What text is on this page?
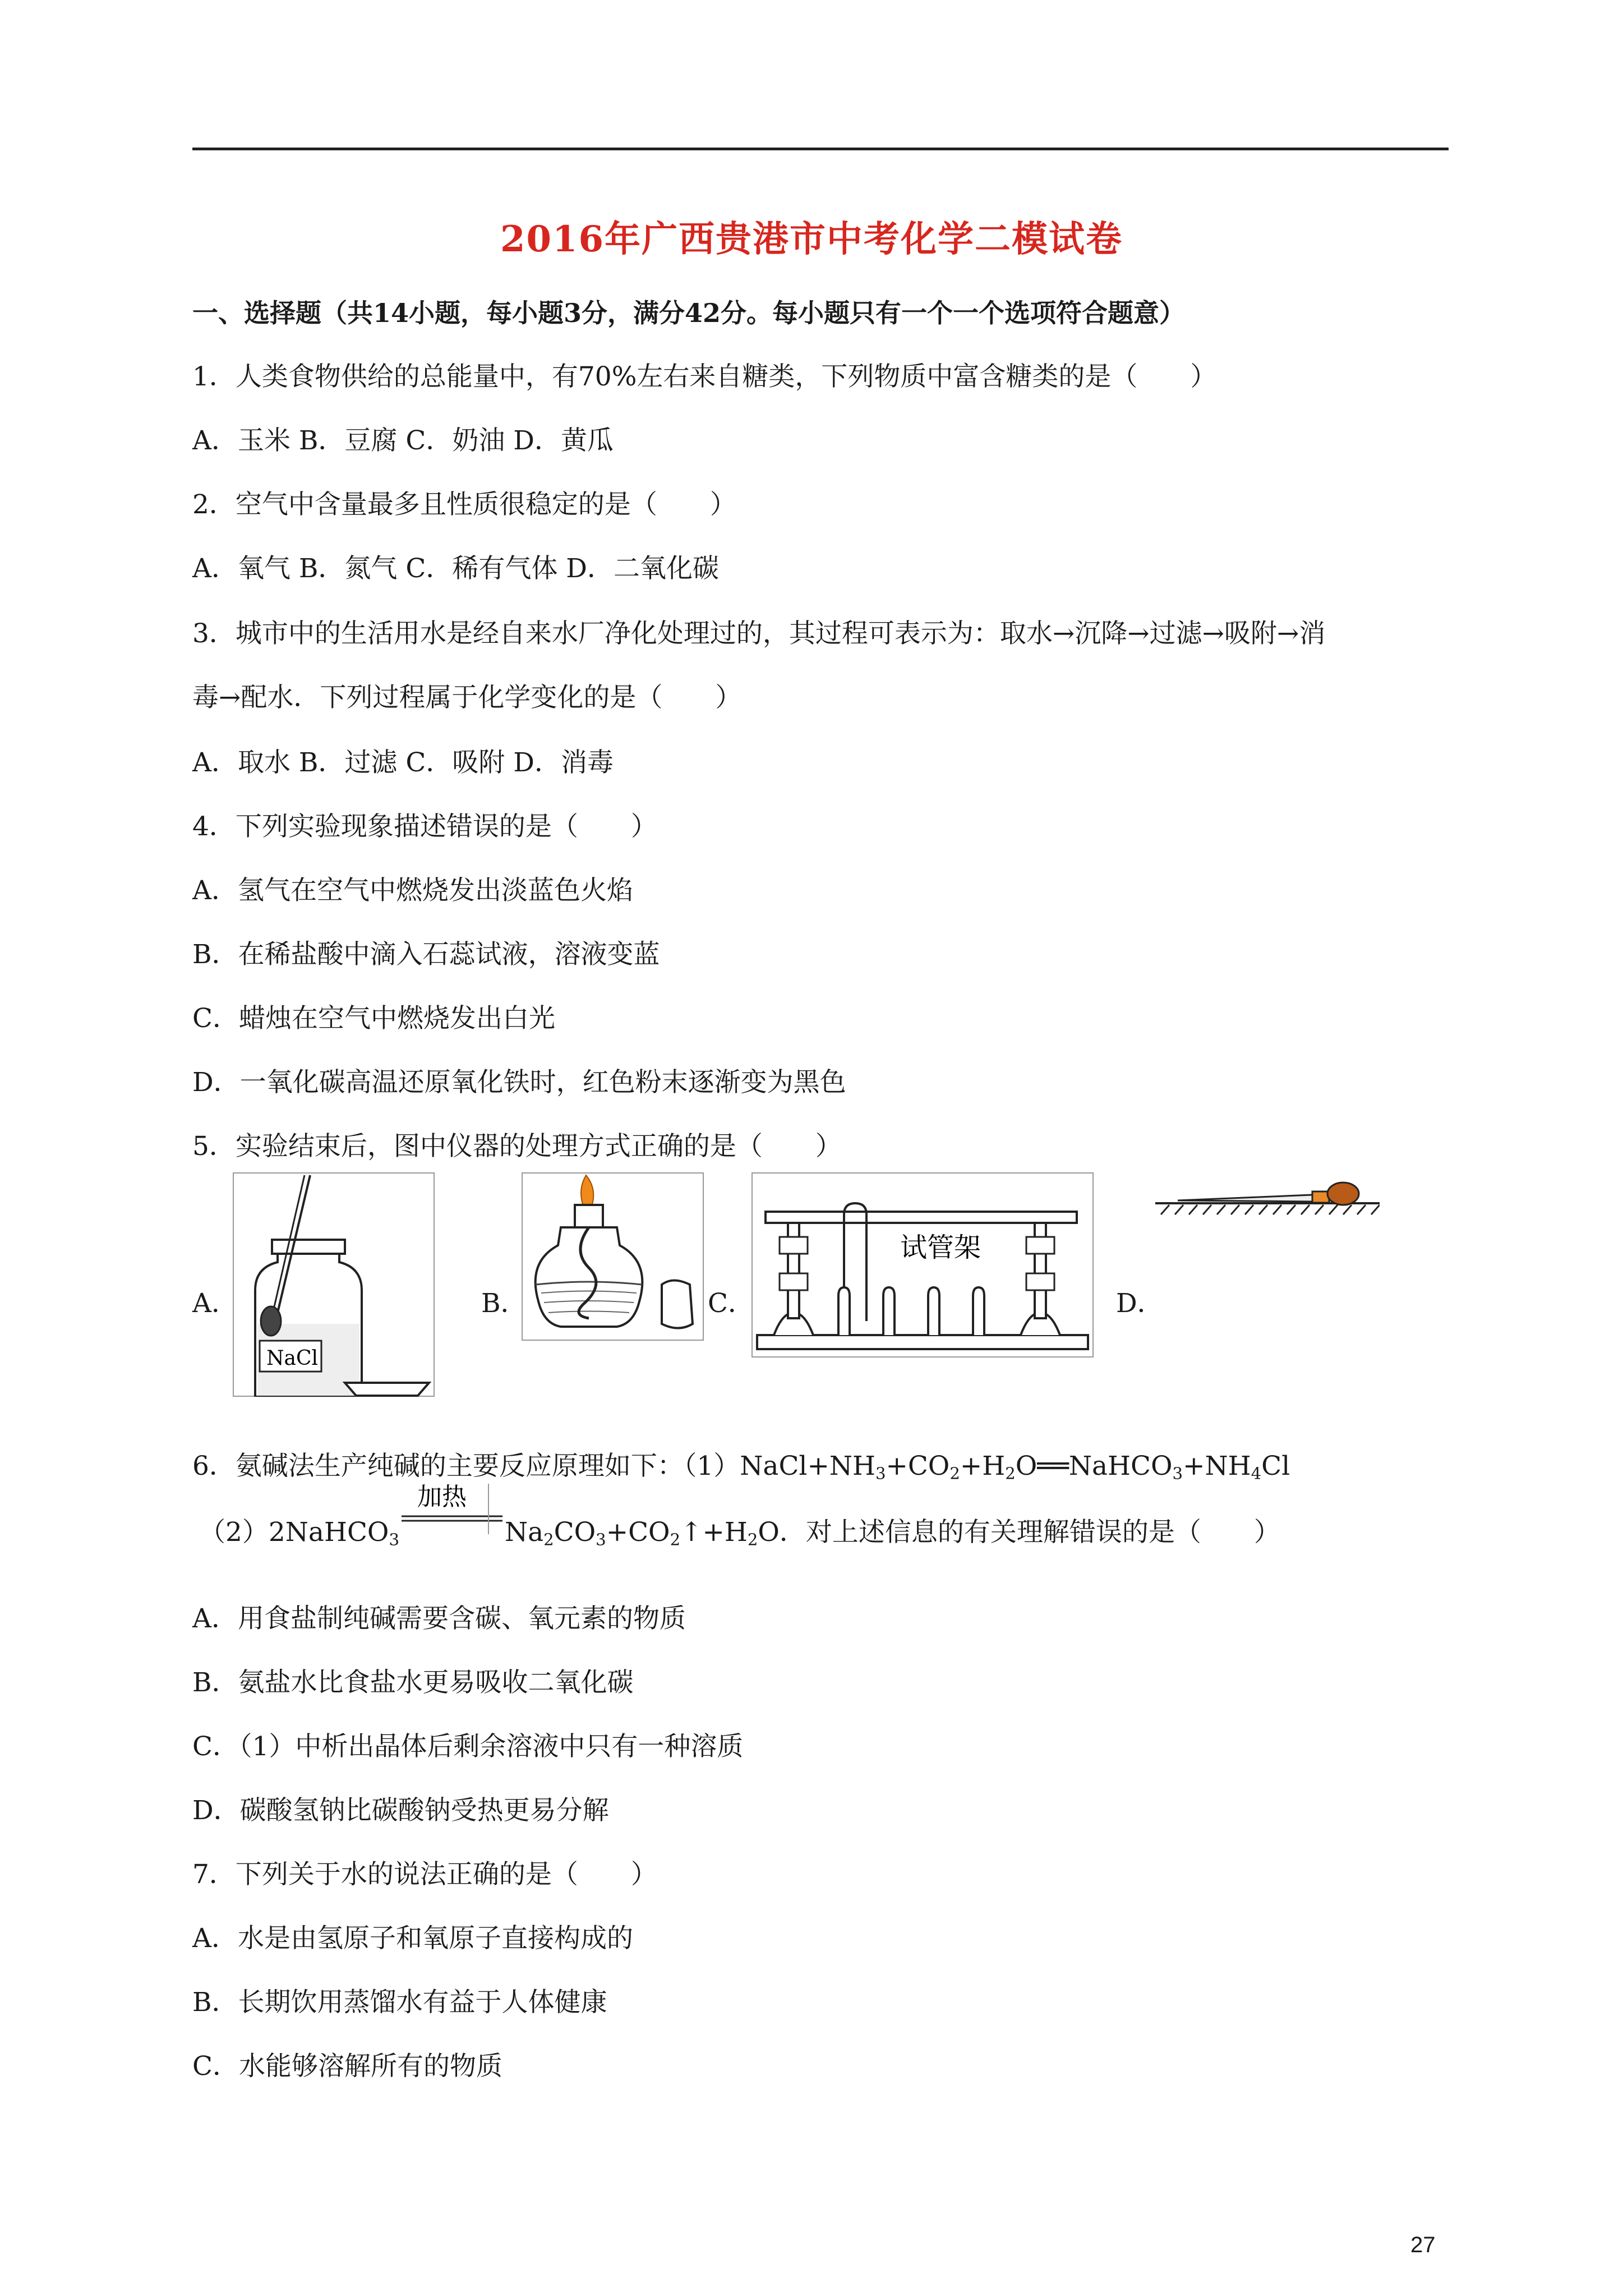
2016年广西贵港市中考化学二模试卷
一、选择题（共14小题，每小题3分，满分42分。每小题只有一个一个选项符合题意）
1．人类食物供给的总能量中，有70%左右来自糖类，下列物质中富含糖类的是（　　）
A．玉米 B．豆腐 C．奶油 D．黄瓜
2．空气中含量最多且性质很稳定的是（　　）
A．氧气 B．氮气 C．稀有气体 D．二氧化碳
3．城市中的生活用水是经自来水厂净化处理过的，其过程可表示为：取水→沉降→过滤→吸附→消
毒→配水．下列过程属于化学变化的是（　　）
A．取水 B．过滤 C．吸附 D．消毒
4．下列实验现象描述错误的是（　　）
A．氢气在空气中燃烧发出淡蓝色火焰
B．在稀盐酸中滴入石蕊试液，溶液变蓝
C．蜡烛在空气中燃烧发出白光
D．一氧化碳高温还原氧化铁时，红色粉末逐渐变为黑色
5．实验结束后，图中仪器的处理方式正确的是（　　）
A．
NaCl
B．	C．
试管架
D．
6．氨碱法生产纯碱的主要反应原理如下：$(1)NaCl+NH_3+CO_2+H_2O══NaHCO_3+NH_4Cl$
（2）2NaHCO$_3$
加热
$Na_2CO_3+CO_2↑+H_2O$．对上述信息的有关理解错误的是（　　）
A．用食盐制纯碱需要含碳、氧元素的物质
B．氨盐水比食盐水更易吸收二氧化碳
C．（1）中析出晶体后剩余溶液中只有一种溶质
D．碳酸氢钠比碳酸钠受热更易分解
7．下列关于水的说法正确的是（　　）
A．水是由氢原子和氧原子直接构成的
B．长期饮用蒸馏水有益于人体健康
C．水能够溶解所有的物质
27
